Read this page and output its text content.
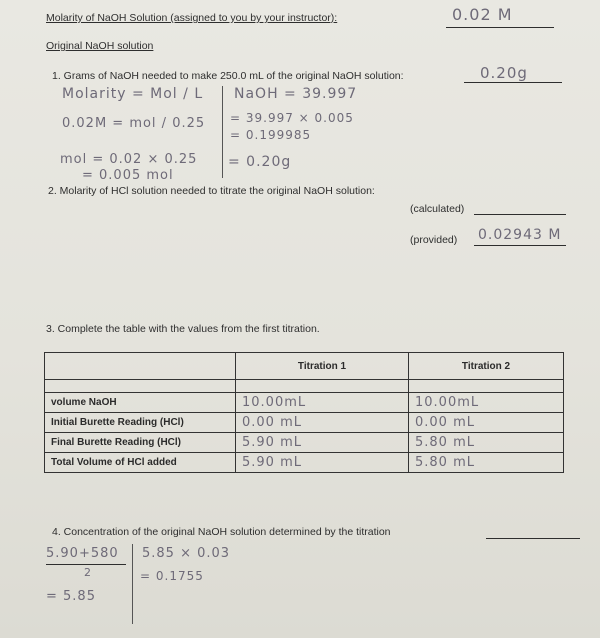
Molarity of NaOH Solution (assigned to you by your instructor):	0.02 M
Original NaOH solution
1. Grams of NaOH needed to make 250.0 mL of the original NaOH solution:	0.20g
Molarity = Mol / L
0.02M = mol / 0.25
mol = 0.02 × 0.25
= 0.005 mol
NaOH = 39.997
= 39.997 × 0.005
= 0.199985
= 0.20g
2. Molarity of HCl solution needed to titrate the original NaOH solution:
(calculated)
(provided) 0.02943 M
3. Complete the table with the values from the first titration.
	Titration 1	Titration 2

volume NaOH	10.00mL	10.00mL
Initial Burette Reading (HCl)	0.00 mL	0.00 mL
Final Burette Reading (HCl)	5.90 mL	5.80 mL
Total Volume of HCl added	5.90 mL	5.80 mL
4. Concentration of the original NaOH solution determined by the titration
5.90+580
2
= 5.85
5.85 × 0.03
= 0.1755
